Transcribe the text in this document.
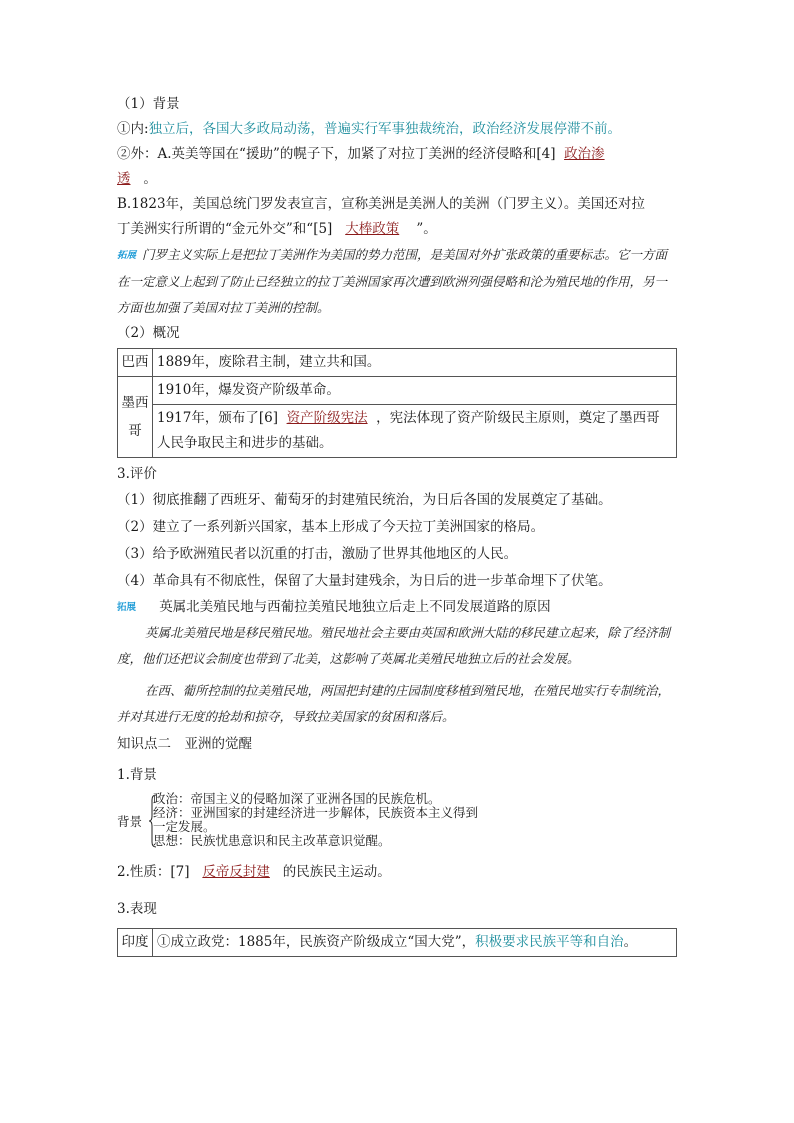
（1）背景
①内:独立后，各国大多政局动荡，普遍实行军事独裁统治，政治经济发展停滞不前。
②外：A.英美等国在“援助”的幌子下，加紧了对拉丁美洲的经济侵略和[4] 政治渗
透 。
B.1823年，美国总统门罗发表宣言，宣称美洲是美洲人的美洲（门罗主义）。美国还对拉
丁美洲实行所谓的“金元外交”和“[5] 大棒政策 ”。
拓展 门罗主义实际上是把拉丁美洲作为美国的势力范围，是美国对外扩张政策的重要标志。它一方面在一定意义上起到了防止已经独立的拉丁美洲国家再次遭到欧洲列强侵略和沦为殖民地的作用，另一方面也加强了美国对拉丁美洲的控制。
（2）概况
巴西	1889年，废除君主制，建立共和国。
墨西哥	1910年，爆发资产阶级革命。
	1917年，颁布了[6] 资产阶级宪法 ，宪法体现了资产阶级民主原则，奠定了墨西哥人民争取民主和进步的基础。
3.评价
（1）彻底推翻了西班牙、葡萄牙的封建殖民统治，为日后各国的发展奠定了基础。
（2）建立了一系列新兴国家，基本上形成了今天拉丁美洲国家的格局。
（3）给予欧洲殖民者以沉重的打击，激励了世界其他地区的人民。
（4）革命具有不彻底性，保留了大量封建残余，为日后的进一步革命埋下了伏笔。
拓展 英属北美殖民地与西葡拉美殖民地独立后走上不同发展道路的原因
英属北美殖民地是移民殖民地。殖民地社会主要由英国和欧洲大陆的移民建立起来，除了经济制度，他们还把议会制度也带到了北美，这影响了英属北美殖民地独立后的社会发展。
在西、葡所控制的拉美殖民地，两国把封建的庄园制度移植到殖民地，在殖民地实行专制统治，并对其进行无度的抢劫和掠夺，导致拉美国家的贫困和落后。
知识点二　亚洲的觉醒
1.背景
背景
政治：帝国主义的侵略加深了亚洲各国的民族危机。
经济：亚洲国家的封建经济进一步解体，民族资本主义得到
一定发展。
思想：民族忧患意识和民主改革意识觉醒。
2.性质：[7] 反帝反封建 的民族民主运动。
3.表现
印度	①成立政党：1885年，民族资产阶级成立“国大党”，积极要求民族平等和自治。
